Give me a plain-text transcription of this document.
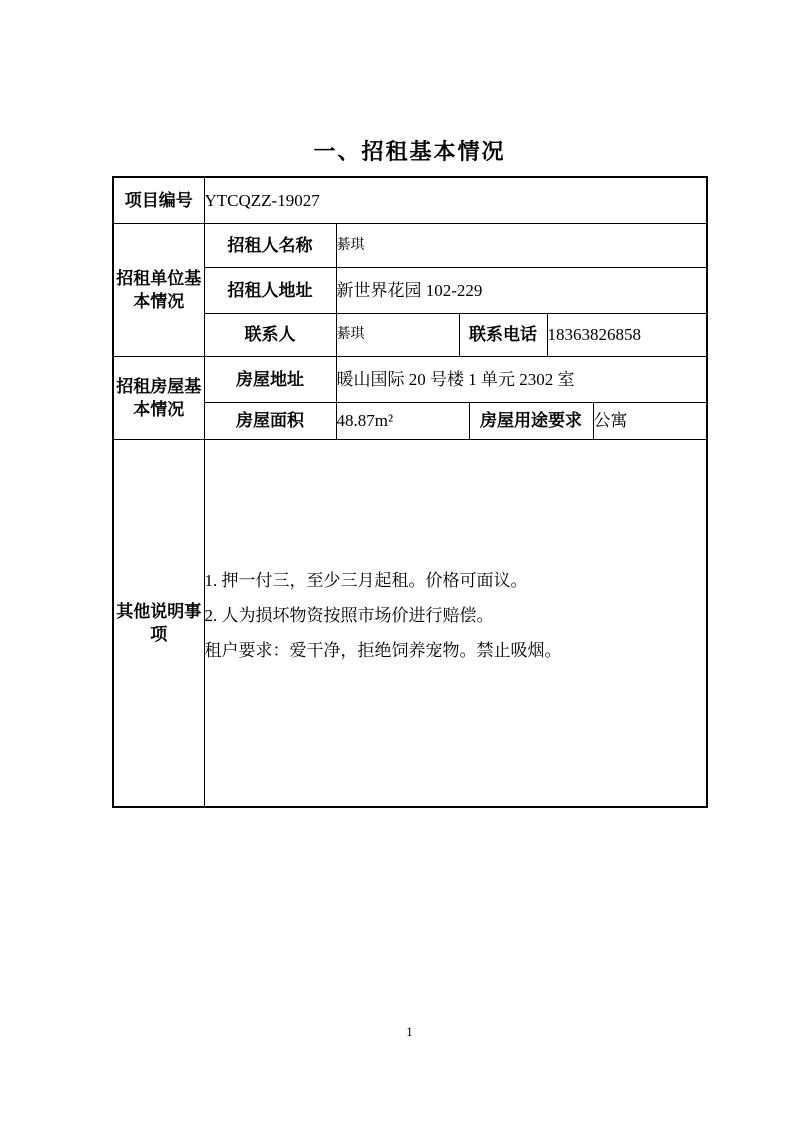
一、招租基本情况
项目编号	YTCQZZ-19027					
招租单位基本情况	招租人名称	綦琪				
	招租人地址	新世界花园 102-229				
	联系人	綦琪	联系电话		18363826858	
招租房屋基本情况	房屋地址	暖山国际 20 号楼 1 单元 2302 室				
	房屋面积	48.87m²		房屋用途要求		公寓
其他说明事项	1. 押一付三，至少三月起租。价格可面议。

2. 人为损坏物资按照市场价进行赔偿。

租户要求：爱干净，拒绝饲养宠物。禁止吸烟。					

1
